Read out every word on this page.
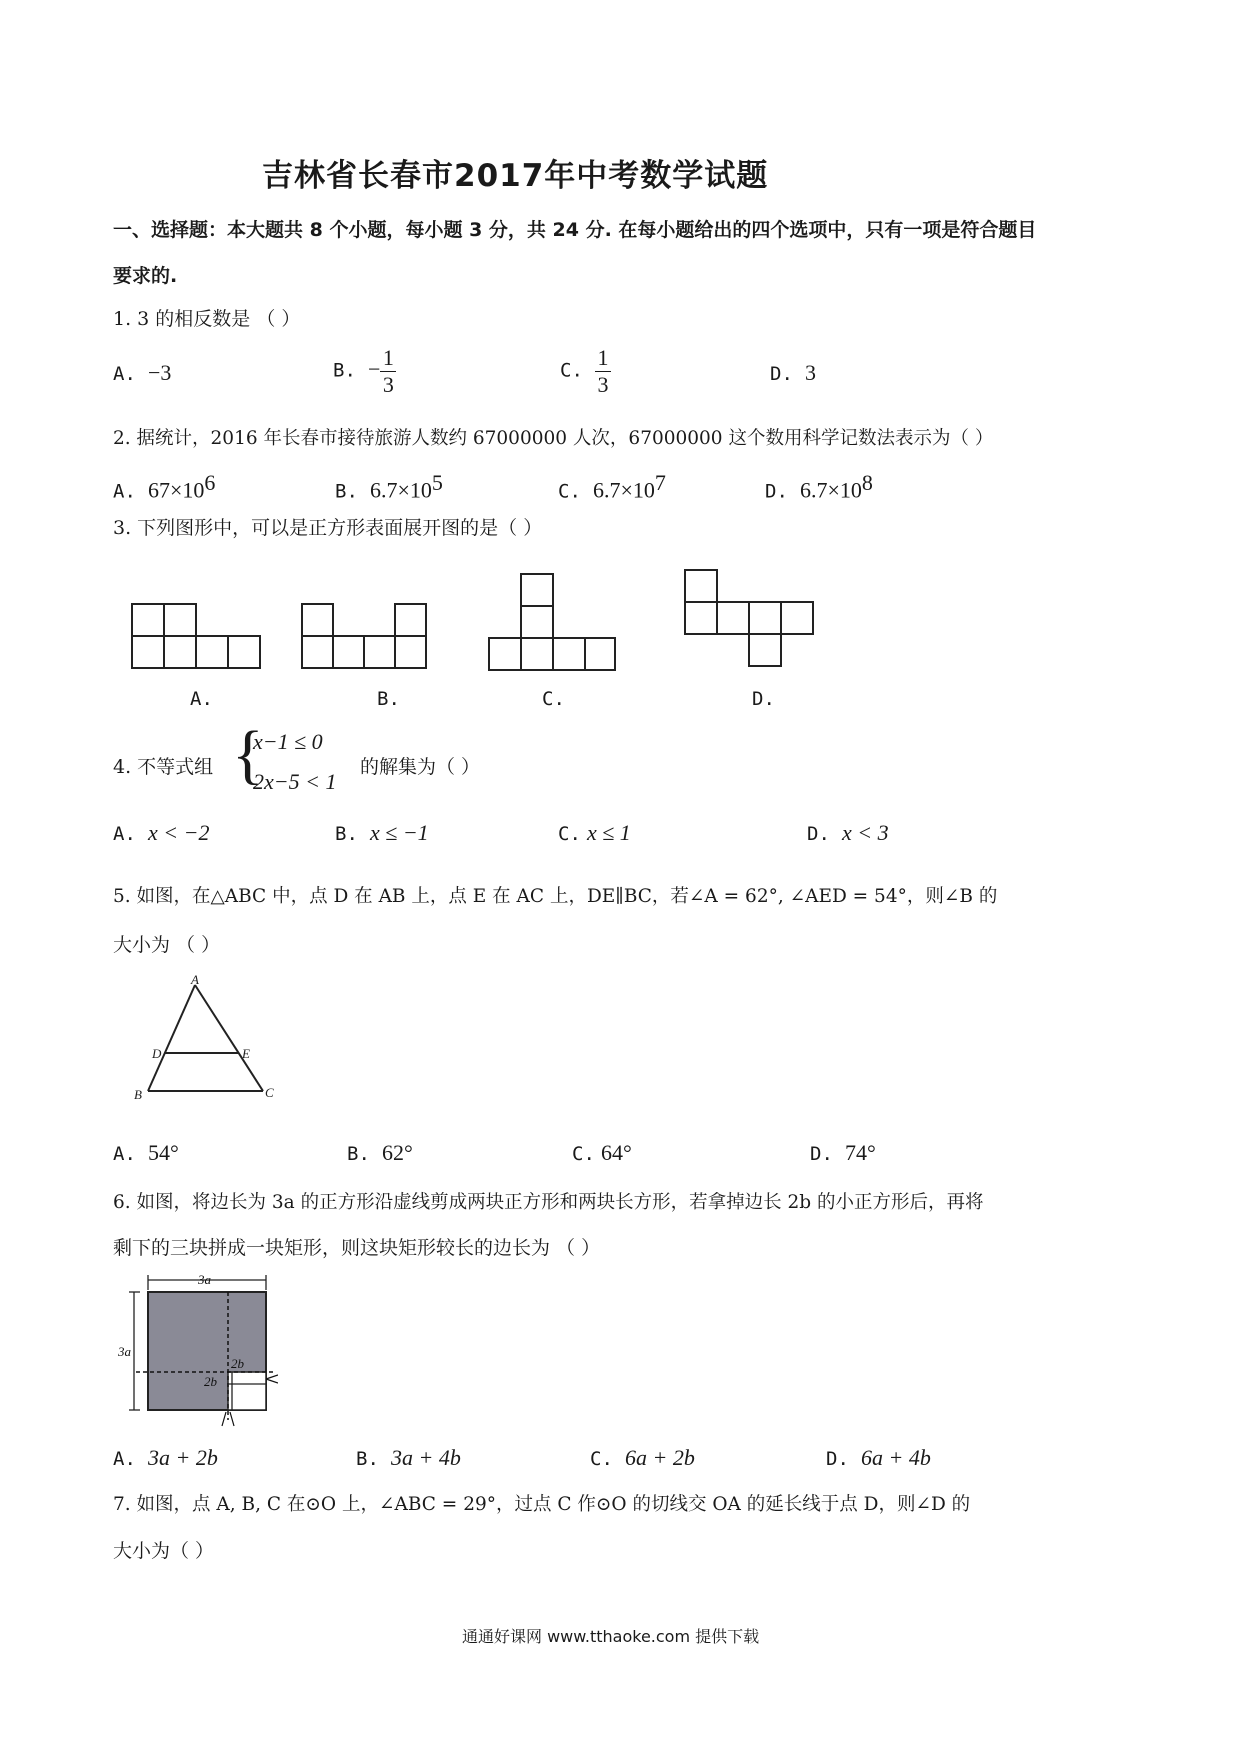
吉林省长春市2017年中考数学试题
一、选择题：本大题共 8 个小题，每小题 3 分，共 24 分. 在每小题给出的四个选项中，只有一项是符合题目
要求的.
1. 3 的相反数是 （ ）
A. −3	B. − $\frac{1}{3}$	C. $\frac{1}{3}$	D. 3
2. 据统计，2016 年长春市接待旅游人数约 67000000 人次，67000000 这个数用科学记数法表示为（ ）
A. $67\times 10^6$	B. $6.7\times 10^5$	C. $6.7\times 10^7$	D. $6.7\times 10^8$
3. 下列图形中，可以是正方形表面展开图的是（ ）
A.	B.	C.	D.
4. 不等式组 {
x−1 ≤ 0
2x−5 < 1
的解集为（ ）
A. x < −2	B. x ≤ −1	C. x ≤ 1	D. x < 3
5. 如图，在△ABC 中，点 D 在 AB 上，点 E 在 AC 上，DE∥BC，若∠A = 62°, ∠AED = 54°，则∠B 的
大小为 （ ）
A
D	E
B	C
A. 54°	B. 62°	C. 64°	D. 74°
6. 如图，将边长为 3a 的正方形沿虚线剪成两块正方形和两块长方形，若拿掉边长 2b 的小正方形后，再将
剩下的三块拼成一块矩形，则这块矩形较长的边长为 （ ）
3a
3a
2b
2b
A. 3a + 2b	B. 3a + 4b	C. 6a + 2b	D. 6a + 4b
7. 如图，点 A, B, C 在⊙O 上，∠ABC = 29°，过点 C 作⊙O 的切线交 OA 的延长线于点 D，则∠D 的
大小为（ ）
通通好课网 www.tthaoke.com 提供下载
